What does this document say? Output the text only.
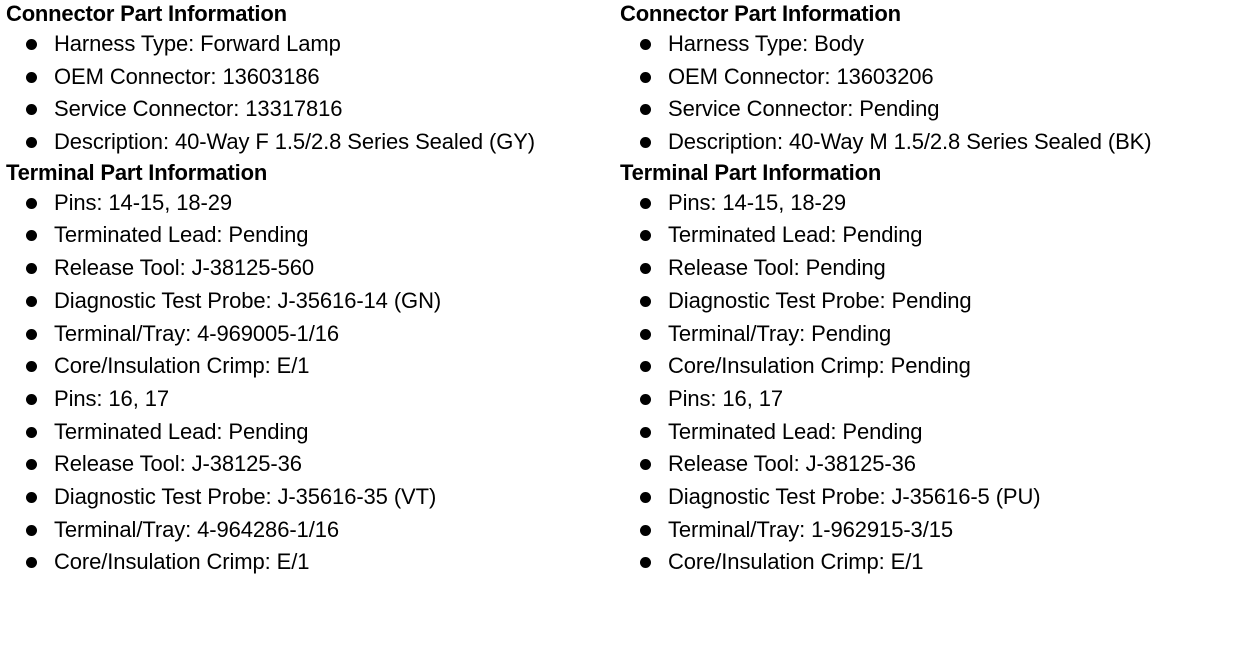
Connector Part Information
Harness Type: Forward Lamp
OEM Connector: 13603186
Service Connector: 13317816
Description: 40-Way F 1.5/2.8 Series Sealed (GY)
Terminal Part Information
Pins: 14-15, 18-29
Terminated Lead: Pending
Release Tool: J-38125-560
Diagnostic Test Probe: J-35616-14 (GN)
Terminal/Tray: 4-969005-1/16
Core/Insulation Crimp: E/1
Pins: 16, 17
Terminated Lead: Pending
Release Tool: J-38125-36
Diagnostic Test Probe: J-35616-35 (VT)
Terminal/Tray: 4-964286-1/16
Core/Insulation Crimp: E/1
Connector Part Information
Harness Type: Body
OEM Connector: 13603206
Service Connector: Pending
Description: 40-Way M 1.5/2.8 Series Sealed (BK)
Terminal Part Information
Pins: 14-15, 18-29
Terminated Lead: Pending
Release Tool: Pending
Diagnostic Test Probe: Pending
Terminal/Tray: Pending
Core/Insulation Crimp: Pending
Pins: 16, 17
Terminated Lead: Pending
Release Tool: J-38125-36
Diagnostic Test Probe: J-35616-5 (PU)
Terminal/Tray: 1-962915-3/15
Core/Insulation Crimp: E/1
